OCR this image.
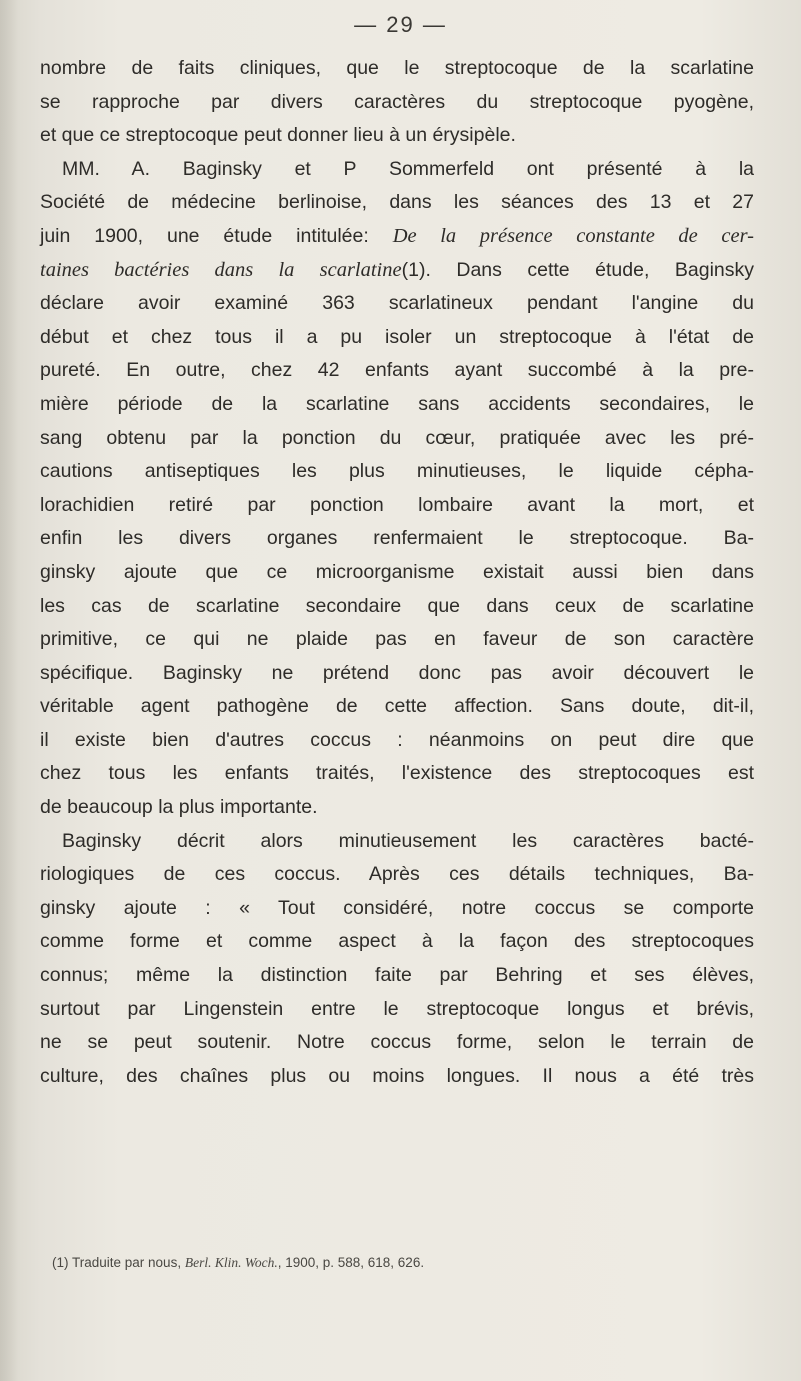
— 29 —
nombre de faits cliniques, que le streptocoque de la scarlatine
se rapproche par divers caractères du streptocoque pyogène,
et que ce streptocoque peut donner lieu à un érysipèle.
MM. A. Baginsky et P Sommerfeld ont présenté à la
Société de médecine berlinoise, dans les séances des 13 et 27
juin 1900, une étude intitulée: De la présence constante de cer-
taines bactéries dans la scarlatine(1). Dans cette étude, Baginsky
déclare avoir examiné 363 scarlatineux pendant l'angine du
début et chez tous il a pu isoler un streptocoque à l'état de
pureté. En outre, chez 42 enfants ayant succombé à la pre-
mière période de la scarlatine sans accidents secondaires, le
sang obtenu par la ponction du cœur, pratiquée avec les pré-
cautions antiseptiques les plus minutieuses, le liquide cépha-
lorachidien retiré par ponction lombaire avant la mort, et
enfin les divers organes renfermaient le streptocoque. Ba-
ginsky ajoute que ce microorganisme existait aussi bien dans
les cas de scarlatine secondaire que dans ceux de scarlatine
primitive, ce qui ne plaide pas en faveur de son caractère
spécifique. Baginsky ne prétend donc pas avoir découvert le
véritable agent pathogène de cette affection. Sans doute, dit-il,
il existe bien d'autres coccus : néanmoins on peut dire que
chez tous les enfants traités, l'existence des streptocoques est
de beaucoup la plus importante.
Baginsky décrit alors minutieusement les caractères bacté-
riologiques de ces coccus. Après ces détails techniques, Ba-
ginsky ajoute : « Tout considéré, notre coccus se comporte
comme forme et comme aspect à la façon des streptocoques
connus; même la distinction faite par Behring et ses élèves,
surtout par Lingenstein entre le streptocoque longus et brévis,
ne se peut soutenir. Notre coccus forme, selon le terrain de
culture, des chaînes plus ou moins longues. Il nous a été très
(1) Traduite par nous, Berl. Klin. Woch., 1900, p. 588, 618, 626.
